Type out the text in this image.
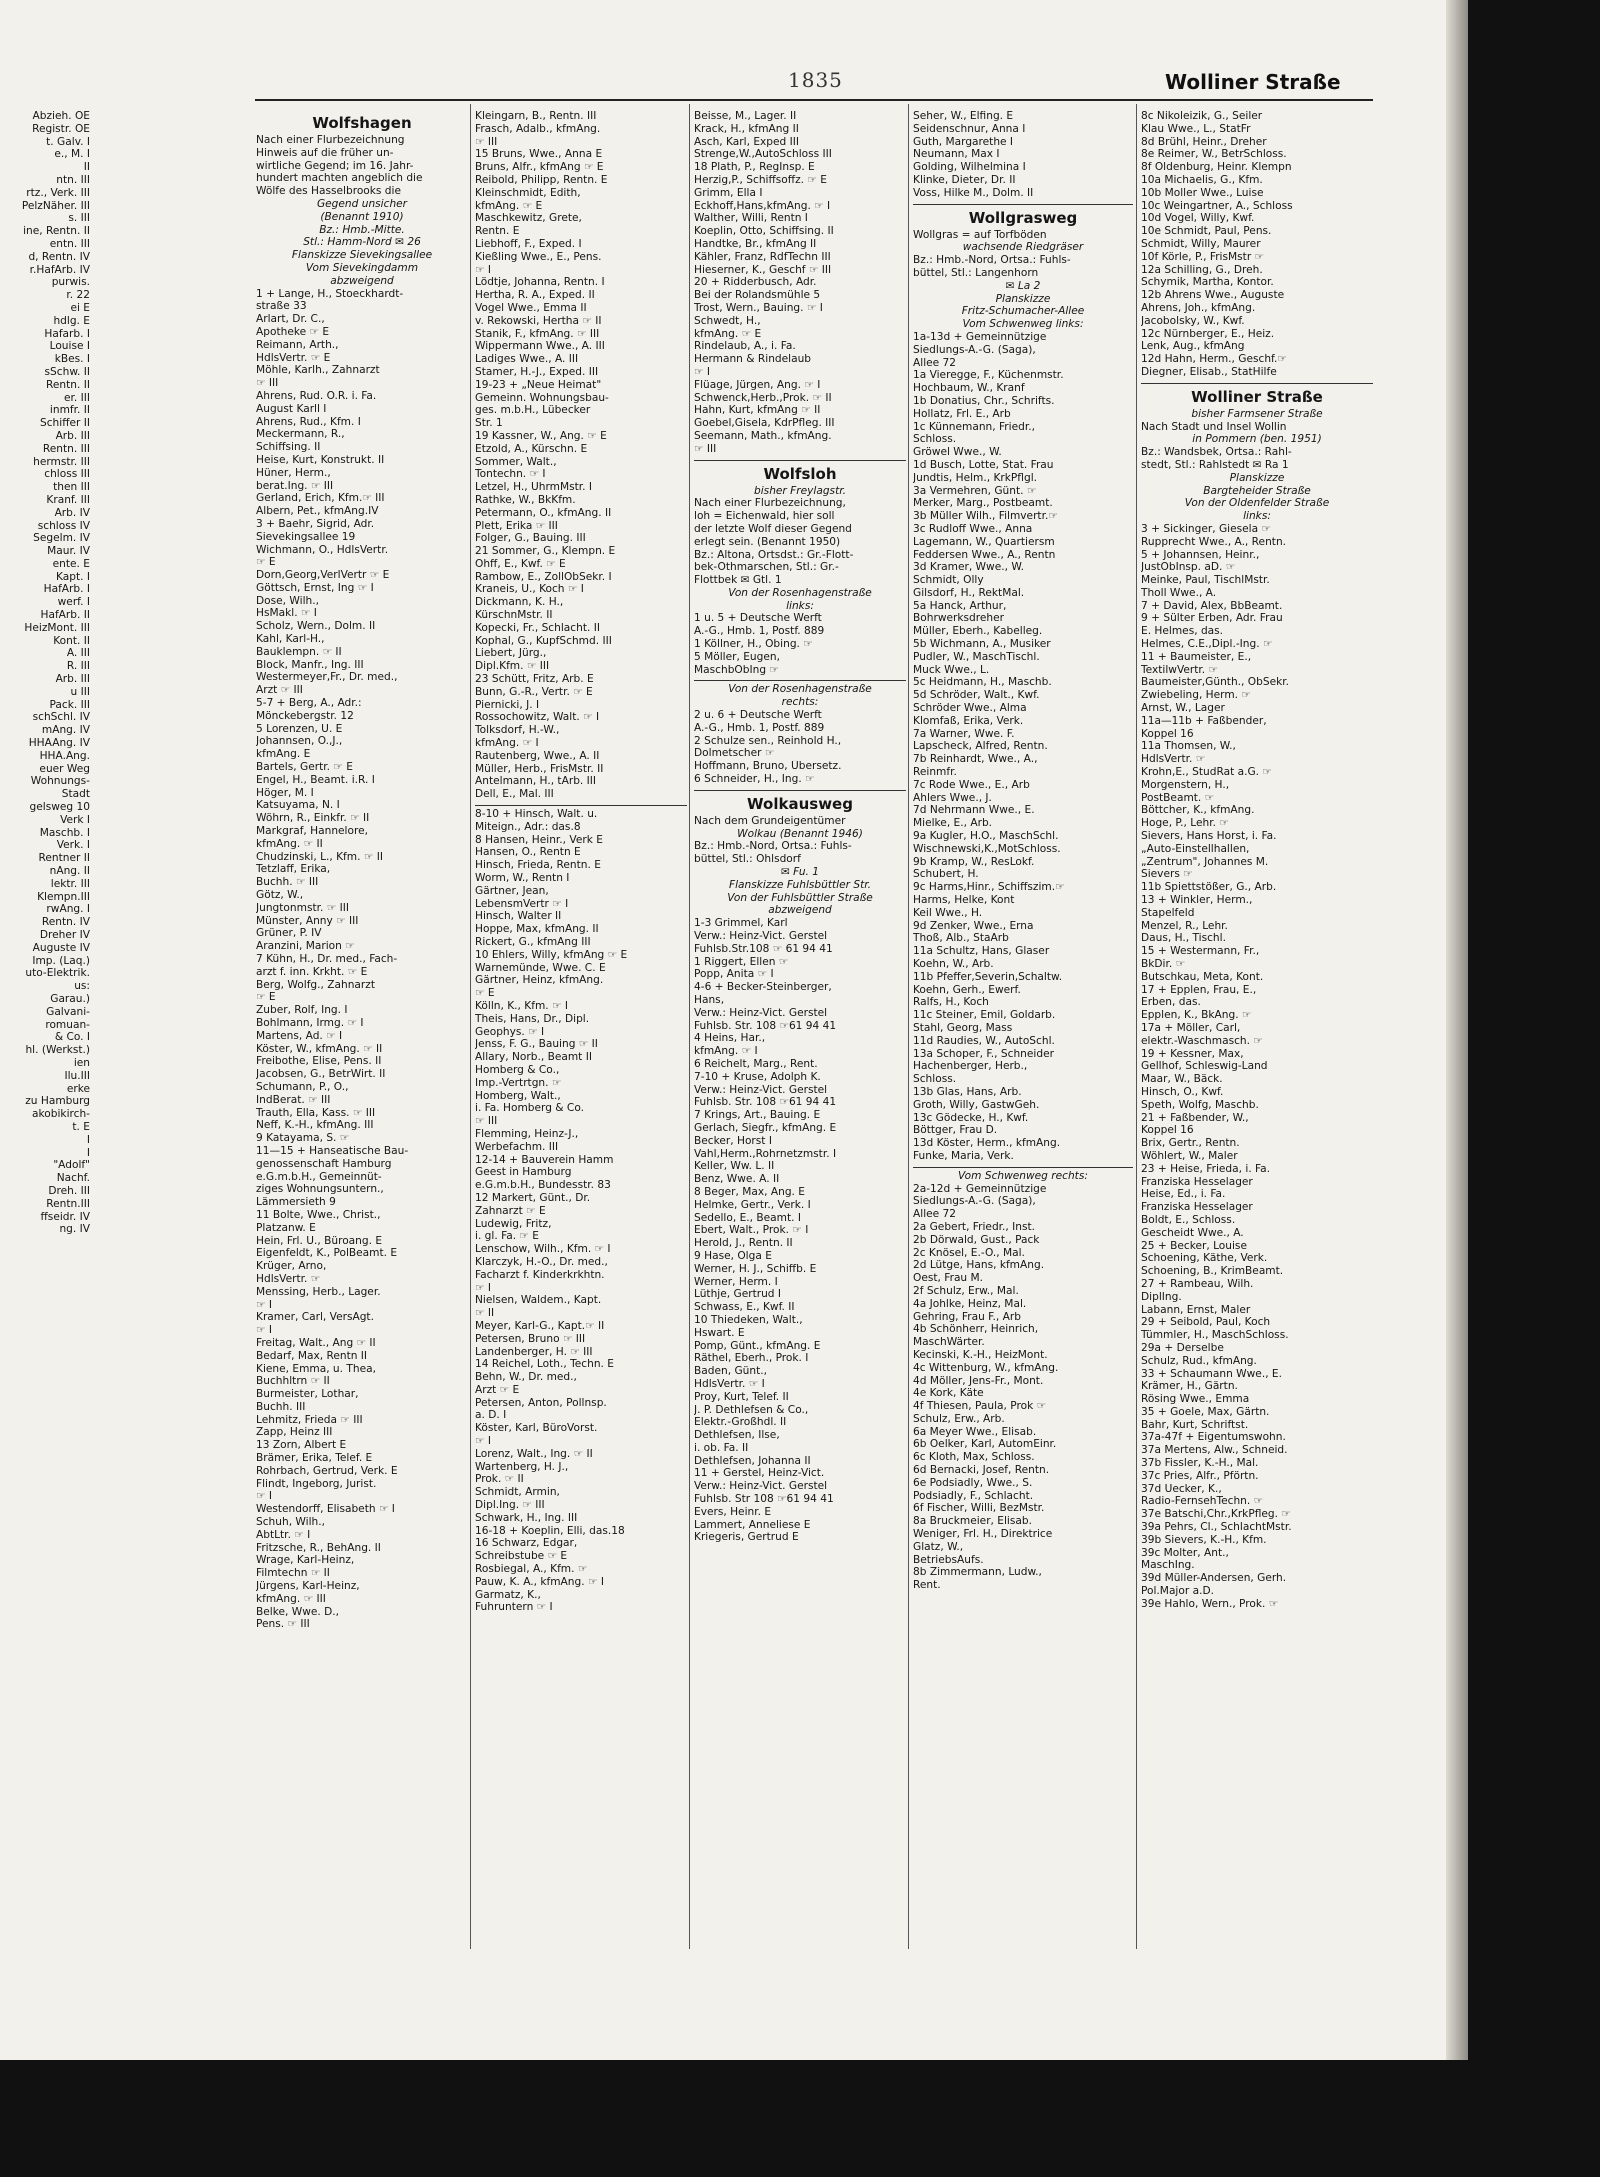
1835	Wolliner Straße
Abzieh. OE
Registr. OE
t. Galv. I
e., M. I
II
ntn. III
rtz., Verk. III
PelzNäher. III
s. III
ine, Rentn. II
entn. III
d, Rentn. IV
r.HafArb. IV
purwis.
r. 22
ei E
hdlg. E
Hafarb. I
Louise I
kBes. I
sSchw. II
Rentn. II
er. III
inmfr. II
Schiffer II
Arb. III
Rentn. III
hermstr. III
chloss III
then III
Kranf. III
Arb. IV
schloss IV
Segelm. IV
Maur. IV
ente. E
Kapt. I
HafArb. I
werf. I
HafArb. II
HeizMont. III
Kont. II
A. III
R. III
Arb. III
u III
Pack. III
schSchl. IV
mAng. IV
HHAAng. IV
HHA.Ang.
euer Weg
Wohnungs-
Stadt
gelsweg 10
Verk I
Maschb. I
Verk. I
Rentner II
nAng. II
lektr. III
Klempn.III
rwAng. I
Rentn. IV
Dreher IV
Auguste IV
Imp. (Laq.)
uto-Elektrik.
us:
Garau.)
Galvani-
romuan-
& Co. I
hl. (Werkst.)
ien
Ilu.III
erke
zu Hamburg
akobikirch-
t. E
I
I
"Adolf"
Nachf.
Dreh. III
Rentn.III
ffseidr. IV
ng. IV
Wolfshagen
Nach einer Flurbezeichnung
Hinweis auf die früher un-
wirtliche Gegend; im 16. Jahr-
hundert machten angeblich die
Wölfe des Hasselbrooks die
Gegend unsicher
(Benannt 1910)
Bz.: Hmb.-Mitte.
Stl.: Hamm-Nord ✉ 26
Flanskizze Sievekingsallee
Vom Sievekingdamm
abzweigend
1 + Lange, H., Stoeckhardt-
straße 33
Arlart, Dr. C.,
Apotheke ☞ E
Reimann, Arth.,
HdlsVertr. ☞ E
Möhle, Karlh., Zahnarzt
☞ III
Ahrens, Rud. O.R. i. Fa.
August Karll I
Ahrens, Rud., Kfm. I
Meckermann, R.,
Schiffsing. II
Heise, Kurt, Konstrukt. II
Hüner, Herm.,
berat.Ing. ☞ III
Gerland, Erich, Kfm.☞ III
Albern, Pet., kfmAng.IV
3 + Baehr, Sigrid, Adr.
Sievekingsallee 19
Wichmann, O., HdlsVertr.
☞ E
Dorn,Georg,VerlVertr ☞ E
Göttsch, Ernst, Ing ☞ I
Dose, Wilh.,
HsMakl. ☞ I
Scholz, Wern., Dolm. II
Kahl, Karl-H.,
Bauklempn. ☞ II
Block, Manfr., Ing. III
Westermeyer,Fr., Dr. med.,
Arzt ☞ III
5-7 + Berg, A., Adr.:
Mönckebergstr. 12
5 Lorenzen, U. E
Johannsen, O.,J.,
kfmAng. E
Bartels, Gertr. ☞ E
Engel, H., Beamt. i.R. I
Höger, M. I
Katsuyama, N. I
Wöhrn, R., Einkfr. ☞ II
Markgraf, Hannelore,
kfmAng. ☞ II
Chudzinski, L., Kfm. ☞ II
Tetzlaff, Erika,
Buchh. ☞ III
Götz, W.,
Jungtonmstr. ☞ III
Münster, Anny ☞ III
Grüner, P. IV
Aranzini, Marion ☞
7 Kühn, H., Dr. med., Fach-
arzt f. inn. Krkht. ☞ E
Berg, Wolfg., Zahnarzt
☞ E
Zuber, Rolf, Ing. I
Bohlmann, Irmg. ☞ I
Martens, Ad. ☞ I
Köster, W., kfmAng. ☞ II
Freibothe, Elise, Pens. II
Jacobsen, G., BetrWirt. II
Schumann, P., O.,
IndBerat. ☞ III
Trauth, Ella, Kass. ☞ III
Neff, K.-H., kfmAng. III
9 Katayama, S. ☞
11—15 + Hanseatische Bau-
genossenschaft Hamburg
e.G.m.b.H., Gemeinnüt-
ziges Wohnungsuntern.,
Lämmersieth 9
11 Bolte, Wwe., Christ.,
Platzanw. E
Hein, Frl. U., Büroang. E
Eigenfeldt, K., PolBeamt. E
Krüger, Arno,
HdlsVertr. ☞
Menssing, Herb., Lager.
☞ I
Kramer, Carl, VersAgt.
☞ I
Freitag, Walt., Ang ☞ II
Bedarf, Max, Rentn II
Kiene, Emma, u. Thea,
Buchhltrn ☞ II
Burmeister, Lothar,
Buchh. III
Lehmitz, Frieda ☞ III
Zapp, Heinz III
13 Zorn, Albert E
Brämer, Erika, Telef. E
Rohrbach, Gertrud, Verk. E
Flindt, Ingeborg, Jurist.
☞ I
Westendorff, Elisabeth ☞ I
Schuh, Wilh.,
AbtLtr. ☞ I
Fritzsche, R., BehAng. II
Wrage, Karl-Heinz,
Filmtechn ☞ II
Jürgens, Karl-Heinz,
kfmAng. ☞ III
Belke, Wwe. D.,
Pens. ☞ III
Kleingarn, B., Rentn. III
Frasch, Adalb., kfmAng.
☞ III
15 Bruns, Wwe., Anna E
Bruns, Alfr., kfmAng ☞ E
Reibold, Philipp, Rentn. E
Kleinschmidt, Edith,
kfmAng. ☞ E
Maschkewitz, Grete,
Rentn. E
Liebhoff, F., Exped. I
Kießling Wwe., E., Pens.
☞ I
Lödtje, Johanna, Rentn. I
Hertha, R. A., Exped. II
Vogel Wwe., Emma II
v. Rekowski, Hertha ☞ II
Stanik, F., kfmAng. ☞ III
Wippermann Wwe., A. III
Ladiges Wwe., A. III
Stamer, H.-J., Exped. III
19-23 + „Neue Heimat"
Gemeinn. Wohnungsbau-
ges. m.b.H., Lübecker
Str. 1
19 Kassner, W., Ang. ☞ E
Etzold, A., Kürschn. E
Sommer, Walt.,
Tontechn. ☞ I
Letzel, H., UhrmMstr. I
Rathke, W., BkKfm.
Petermann, O., kfmAng. II
Plett, Erika ☞ III
Folger, G., Bauing. III
21 Sommer, G., Klempn. E
Ohff, E., Kwf. ☞ E
Rambow, E., ZollObSekr. I
Kraneis, U., Koch ☞ I
Dickmann, K. H.,
KürschnMstr. II
Kopecki, Fr., Schlacht. II
Kophal, G., KupfSchmd. III
Liebert, Jürg.,
Dipl.Kfm. ☞ III
23 Schütt, Fritz, Arb. E
Bunn, G.-R., Vertr. ☞ E
Piernicki, J. I
Rossochowitz, Walt. ☞ I
Tolksdorf, H.-W.,
kfmAng. ☞ I
Rautenberg, Wwe., A. II
Müller, Herb., FrisMstr. II
Antelmann, H., tArb. III
Dell, E., Mal. III
8-10 + Hinsch, Walt. u.
Miteign., Adr.: das.8
8 Hansen, Heinr., Verk E
Hansen, O., Rentn E
Hinsch, Frieda, Rentn. E
Worm, W., Rentn I
Gärtner, Jean,
LebensmVertr ☞ I
Hinsch, Walter II
Hoppe, Max, kfmAng. II
Rickert, G., kfmAng III
10 Ehlers, Willy, kfmAng ☞ E
Warnemünde, Wwe. C. E
Gärtner, Heinz, kfmAng.
☞ E
Kölln, K., Kfm. ☞ I
Theis, Hans, Dr., Dipl.
Geophys. ☞ I
Jenss, F. G., Bauing ☞ II
Allary, Norb., Beamt II
Homberg & Co.,
Imp.-Vertrtgn. ☞
Homberg, Walt.,
i. Fa. Homberg & Co.
☞ III
Flemming, Heinz-J.,
Werbefachm. III
12-14 + Bauverein Hamm
Geest in Hamburg
e.G.m.b.H., Bundesstr. 83
12 Markert, Günt., Dr.
Zahnarzt ☞ E
Ludewig, Fritz,
i. gl. Fa. ☞ E
Lenschow, Wilh., Kfm. ☞ I
Klarczyk, H.-O., Dr. med.,
Facharzt f. Kinderkrkhtn.
☞ I
Nielsen, Waldem., Kapt.
☞ II
Meyer, Karl-G., Kapt.☞ II
Petersen, Bruno ☞ III
Landenberger, H. ☞ III
14 Reichel, Loth., Techn. E
Behn, W., Dr. med.,
Arzt ☞ E
Petersen, Anton, Pollnsp.
a. D. I
Köster, Karl, BüroVorst.
☞ I
Lorenz, Walt., Ing. ☞ II
Wartenberg, H. J.,
Prok. ☞ II
Schmidt, Armin,
Dipl.Ing. ☞ III
Schwark, H., Ing. III
16-18 + Koeplin, Elli, das.18
16 Schwarz, Edgar,
Schreibstube ☞ E
Rosbiegal, A., Kfm. ☞
Pauw, K. A., kfmAng. ☞ I
Garmatz, K.,
Fuhruntern ☞ I
Beisse, M., Lager. II
Krack, H., kfmAng II
Asch, Karl, Exped III
Strenge,W.,AutoSchloss III
18 Plath, P., RegInsp. E
Herzig,P., Schiffsoffz. ☞ E
Grimm, Ella I
Eckhoff,Hans,kfmAng. ☞ I
Walther, Willi, Rentn I
Koeplin, Otto, Schiffsing. II
Handtke, Br., kfmAng II
Kähler, Franz, RdfTechn III
Hieserner, K., Geschf ☞ III
20 + Ridderbusch, Adr.
Bei der Rolandsmühle 5
Trost, Wern., Bauing. ☞ I
Schwedt, H.,
kfmAng. ☞ E
Rindelaub, A., i. Fa.
Hermann & Rindelaub
☞ I
Flüage, Jürgen, Ang. ☞ I
Schwenck,Herb.,Prok. ☞ II
Hahn, Kurt, kfmAng ☞ II
Goebel,Gisela, KdrPfleg. III
Seemann, Math., kfmAng.
☞ III
Wolfsloh
bisher Freylagstr.
Nach einer Flurbezeichnung,
loh = Eichenwald, hier soll
der letzte Wolf dieser Gegend
erlegt sein. (Benannt 1950)
Bz.: Altona, Ortsdst.: Gr.-Flott-
bek-Othmarschen, Stl.: Gr.-
Flottbek ✉ Gtl. 1
Von der Rosenhagenstraße
links:
1 u. 5 + Deutsche Werft
A.-G., Hmb. 1, Postf. 889
1 Köllner, H., Obing. ☞
5 Möller, Eugen,
MaschbObIng ☞
Von der Rosenhagenstraße
rechts:
2 u. 6 + Deutsche Werft
A.-G., Hmb. 1, Postf. 889
2 Schulze sen., Reinhold H.,
Dolmetscher ☞
Hoffmann, Bruno, Übersetz.
6 Schneider, H., Ing. ☞
Wolkausweg
Nach dem Grundeigentümer
Wolkau (Benannt 1946)
Bz.: Hmb.-Nord, Ortsa.: Fuhls-
büttel, Stl.: Ohlsdorf
✉ Fu. 1
Flanskizze Fuhlsbüttler Str.
Von der Fuhlsbüttler Straße
abzweigend
1-3 Grimmel, Karl
Verw.: Heinz-Vict. Gerstel
Fuhlsb.Str.108 ☞ 61 94 41
1 Riggert, Ellen ☞
Popp, Anita ☞ I
4-6 + Becker-Steinberger,
Hans,
Verw.: Heinz-Vict. Gerstel
Fuhlsb. Str. 108 ☞61 94 41
4 Heins, Har.,
kfmAng. ☞ I
6 Reichelt, Marg., Rent.
7-10 + Kruse, Adolph K.
Verw.: Heinz-Vict. Gerstel
Fuhlsb. Str. 108 ☞61 94 41
7 Krings, Art., Bauing. E
Gerlach, Siegfr., kfmAng. E
Becker, Horst I
Vahl,Herm.,Rohrnetzmstr. I
Keller, Ww. L. II
Benz, Wwe. A. II
8 Beger, Max, Ang. E
Helmke, Gertr., Verk. I
Sedello, E., Beamt. I
Ebert, Walt., Prok. ☞ I
Herold, J., Rentn. II
9 Hase, Olga E
Werner, H. J., Schiffb. E
Werner, Herm. I
Lüthje, Gertrud I
Schwass, E., Kwf. II
10 Thiedeken, Walt.,
Hswart. E
Pomp, Günt., kfmAng. E
Räthel, Eberh., Prok. I
Baden, Günt.,
HdlsVertr. ☞ I
Proy, Kurt, Telef. II
J. P. Dethlefsen & Co.,
Elektr.-Großhdl. II
Dethlefsen, Ilse,
i. ob. Fa. II
Dethlefsen, Johanna II
11 + Gerstel, Heinz-Vict.
Verw.: Heinz-Vict. Gerstel
Fuhlsb. Str 108 ☞61 94 41
Evers, Heinr. E
Lammert, Anneliese E
Kriegeris, Gertrud E
Seher, W., Elfing. E
Seidenschnur, Anna I
Guth, Margarethe I
Neumann, Max I
Golding, Wilhelmina I
Klinke, Dieter, Dr. II
Voss, Hilke M., Dolm. II
Wollgrasweg
Wollgras = auf Torfböden
wachsende Riedgräser
Bz.: Hmb.-Nord, Ortsa.: Fuhls-
büttel, Stl.: Langenhorn
✉ La 2
Planskizze
Fritz-Schumacher-Allee
Vom Schwenweg links:
1a-13d + Gemeinnützige
Siedlungs-A.-G. (Saga),
Allee 72
1a Vieregge, F., Küchenmstr.
Hochbaum, W., Kranf
1b Donatius, Chr., Schrifts.
Hollatz, Frl. E., Arb
1c Künnemann, Friedr.,
Schloss.
Gröwel Wwe., W.
1d Busch, Lotte, Stat. Frau
Jundtis, Helm., KrkPflgl.
3a Vermehren, Günt. ☞
Merker, Marg., Postbeamt.
3b Müller Wilh., Filmvertr.☞
3c Rudloff Wwe., Anna
Lagemann, W., Quartiersm
Feddersen Wwe., A., Rentn
3d Kramer, Wwe., W.
Schmidt, Olly
Gilsdorf, H., RektMal.
5a Hanck, Arthur,
Bohrwerksdreher
Müller, Eberh., Kabelleg.
5b Wichmann, A., Musiker
Pudler, W., MaschTischl.
Muck Wwe., L.
5c Heidmann, H., Maschb.
5d Schröder, Walt., Kwf.
Schröder Wwe., Alma
Klomfaß, Erika, Verk.
7a Warner, Wwe. F.
Lapscheck, Alfred, Rentn.
7b Reinhardt, Wwe., A.,
Reinmfr.
7c Rode Wwe., E., Arb
Ahlers Wwe., J.
7d Nehrmann Wwe., E.
Mielke, E., Arb.
9a Kugler, H.O., MaschSchl.
Wischnewski,K.,MotSchloss.
9b Kramp, W., ResLokf.
Schubert, H.
9c Harms,Hinr., Schiffszim.☞
Harms, Helke, Kont
Keil Wwe., H.
9d Zenker, Wwe., Erna
Thoß, Alb., StaArb
11a Schultz, Hans, Glaser
Koehn, W., Arb.
11b Pfeffer,Severin,Schaltw.
Koehn, Gerh., Ewerf.
Ralfs, H., Koch
11c Steiner, Emil, Goldarb.
Stahl, Georg, Mass
11d Raudies, W., AutoSchl.
13a Schoper, F., Schneider
Hachenberger, Herb.,
Schloss.
13b Glas, Hans, Arb.
Groth, Willy, GastwGeh.
13c Gödecke, H., Kwf.
Böttger, Frau D.
13d Köster, Herm., kfmAng.
Funke, Maria, Verk.
Vom Schwenweg rechts:
2a-12d + Gemeinnützige
Siedlungs-A.-G. (Saga),
Allee 72
2a Gebert, Friedr., Inst.
2b Dörwald, Gust., Pack
2c Knösel, E.-O., Mal.
2d Lütge, Hans, kfmAng.
Oest, Frau M.
2f Schulz, Erw., Mal.
4a Johlke, Heinz, Mal.
Gehring, Frau F., Arb
4b Schönherr, Heinrich,
MaschWärter.
Kecinski, K.-H., HeizMont.
4c Wittenburg, W., kfmAng.
4d Möller, Jens-Fr., Mont.
4e Kork, Käte
4f Thiesen, Paula, Prok ☞
Schulz, Erw., Arb.
6a Meyer Wwe., Elisab.
6b Oelker, Karl, AutomEinr.
6c Kloth, Max, Schloss.
6d Bernacki, Josef, Rentn.
6e Podsiadly, Wwe., S.
Podsiadly, F., Schlacht.
6f Fischer, Willi, BezMstr.
8a Bruckmeier, Elisab.
Weniger, Frl. H., Direktrice
Glatz, W.,
BetriebsAufs.
8b Zimmermann, Ludw.,
Rent.
8c Nikoleizik, G., Seiler
Klau Wwe., L., StatFr
8d Brühl, Heinr., Dreher
8e Reimer, W., BetrSchloss.
8f Oldenburg, Heinr. Klempn
10a Michaelis, G., Kfm.
10b Moller Wwe., Luise
10c Weingartner, A., Schloss
10d Vogel, Willy, Kwf.
10e Schmidt, Paul, Pens.
Schmidt, Willy, Maurer
10f Körle, P., FrisMstr ☞
12a Schilling, G., Dreh.
Schymik, Martha, Kontor.
12b Ahrens Wwe., Auguste
Ahrens, Joh., kfmAng.
Jacobolsky, W., Kwf.
12c Nürnberger, E., Heiz.
Lenk, Aug., kfmAng
12d Hahn, Herm., Geschf.☞
Diegner, Elisab., StatHilfe
Wolliner Straße
bisher Farmsener Straße
Nach Stadt und Insel Wollin
in Pommern (ben. 1951)
Bz.: Wandsbek, Ortsa.: Rahl-
stedt, Stl.: Rahlstedt ✉ Ra 1
Planskizze
Bargteheider Straße
Von der Oldenfelder Straße
links:
3 + Sickinger, Giesela ☞
Rupprecht Wwe., A., Rentn.
5 + Johannsen, Heinr.,
JustObInsp. aD. ☞
Meinke, Paul, TischlMstr.
Tholl Wwe., A.
7 + David, Alex, BbBeamt.
9 + Sülter Erben, Adr. Frau
E. Helmes, das.
Helmes, C.E.,Dipl.-Ing. ☞
11 + Baumeister, E.,
TextilwVertr. ☞
Baumeister,Günth., ObSekr.
Zwiebeling, Herm. ☞
Arnst, W., Lager
11a—11b + Faßbender,
Koppel 16
11a Thomsen, W.,
HdlsVertr. ☞
Krohn,E., StudRat a.G. ☞
Morgenstern, H.,
PostBeamt. ☞
Böttcher, K., kfmAng.
Hoge, P., Lehr. ☞
Sievers, Hans Horst, i. Fa.
„Auto-Einstellhallen,
„Zentrum", Johannes M.
Sievers ☞
11b Spiettstößer, G., Arb.
13 + Winkler, Herm.,
Stapelfeld
Menzel, R., Lehr.
Daus, H., Tischl.
15 + Westermann, Fr.,
BkDir. ☞
Butschkau, Meta, Kont.
17 + Epplen, Frau, E.,
Erben, das.
Epplen, K., BkAng. ☞
17a + Möller, Carl,
elektr.-Waschmasch. ☞
19 + Kessner, Max,
Gellhof, Schleswig-Land
Maar, W., Bäck.
Hinsch, O., Kwf.
Speth, Wolfg, Maschb.
21 + Faßbender, W.,
Koppel 16
Brix, Gertr., Rentn.
Wöhlert, W., Maler
23 + Heise, Frieda, i. Fa.
Franziska Hesselager
Heise, Ed., i. Fa.
Franziska Hesselager
Boldt, E., Schloss.
Gescheidt Wwe., A.
25 + Becker, Louise
Schoening, Käthe, Verk.
Schoening, B., KrimBeamt.
27 + Rambeau, Wilh.
DiplIng.
Labann, Ernst, Maler
29 + Seibold, Paul, Koch
Tümmler, H., MaschSchloss.
29a + Derselbe
Schulz, Rud., kfmAng.
33 + Schaumann Wwe., E.
Krämer, H., Gärtn.
Rösing Wwe., Emma
35 + Goele, Max, Gärtn.
Bahr, Kurt, Schriftst.
37a-47f + Eigentumswohn.
37a Mertens, Alw., Schneid.
37b Fissler, K.-H., Mal.
37c Pries, Alfr., Pförtn.
37d Uecker, K.,
Radio-FernsehTechn. ☞
37e Batschi,Chr.,KrkPfleg. ☞
39a Pehrs, Cl., SchlachtMstr.
39b Sievers, K.-H., Kfm.
39c Molter, Ant.,
MaschIng.
39d Müller-Andersen, Gerh.
Pol.Major a.D.
39e Hahlo, Wern., Prok. ☞
